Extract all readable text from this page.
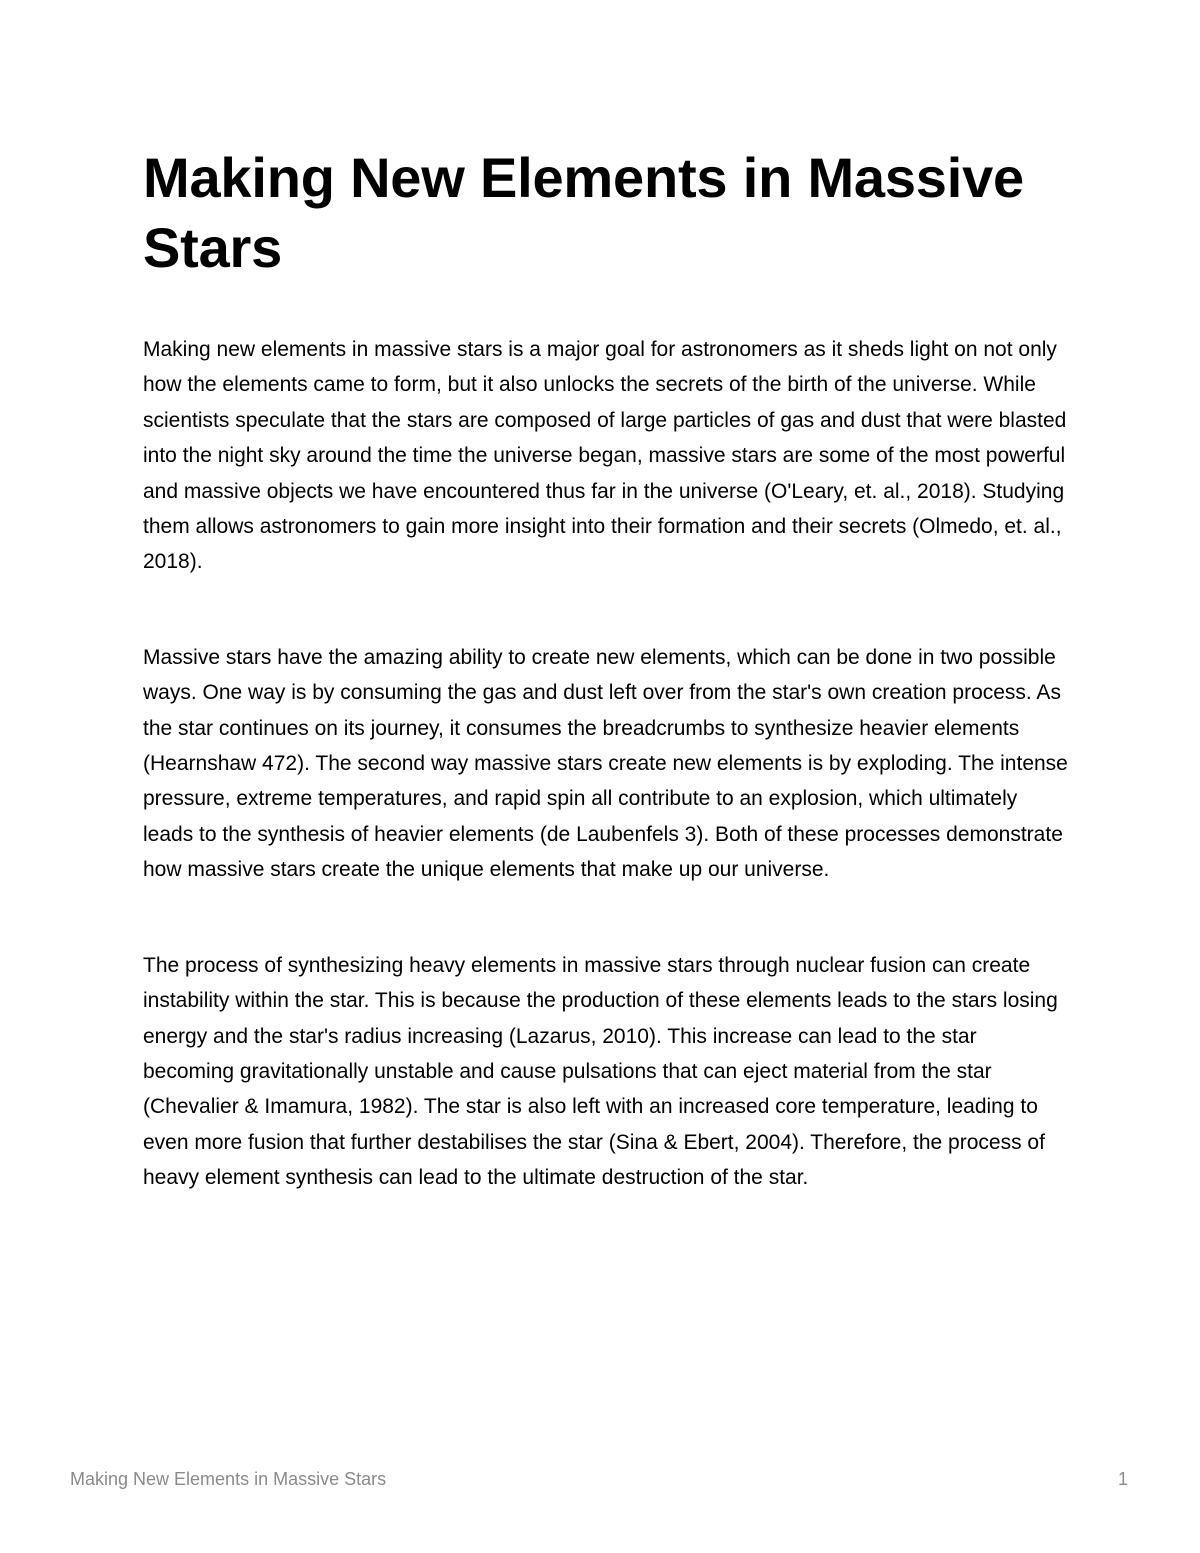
Making New Elements in Massive Stars

Making new elements in massive stars is a major goal for astronomers as it sheds light on not only how the elements came to form, but it also unlocks the secrets of the birth of the universe. While scientists speculate that the stars are composed of large particles of gas and dust that were blasted into the night sky around the time the universe began, massive stars are some of the most powerful and massive objects we have encountered thus far in the universe (O'Leary, et. al., 2018). Studying them allows astronomers to gain more insight into their formation and their secrets (Olmedo, et. al., 2018).

Massive stars have the amazing ability to create new elements, which can be done in two possible ways. One way is by consuming the gas and dust left over from the star's own creation process. As the star continues on its journey, it consumes the breadcrumbs to synthesize heavier elements (Hearnshaw 472). The second way massive stars create new elements is by exploding. The intense pressure, extreme temperatures, and rapid spin all contribute to an explosion, which ultimately leads to the synthesis of heavier elements (de Laubenfels 3). Both of these processes demonstrate how massive stars create the unique elements that make up our universe.

The process of synthesizing heavy elements in massive stars through nuclear fusion can create instability within the star. This is because the production of these elements leads to the stars losing energy and the star's radius increasing (Lazarus, 2010). This increase can lead to the star becoming gravitationally unstable and cause pulsations that can eject material from the star (Chevalier & Imamura, 1982). The star is also left with an increased core temperature, leading to even more fusion that further destabilises the star (Sina & Ebert, 2004). Therefore, the process of heavy element synthesis can lead to the ultimate destruction of the star.

Making New Elements in Massive Stars	1
